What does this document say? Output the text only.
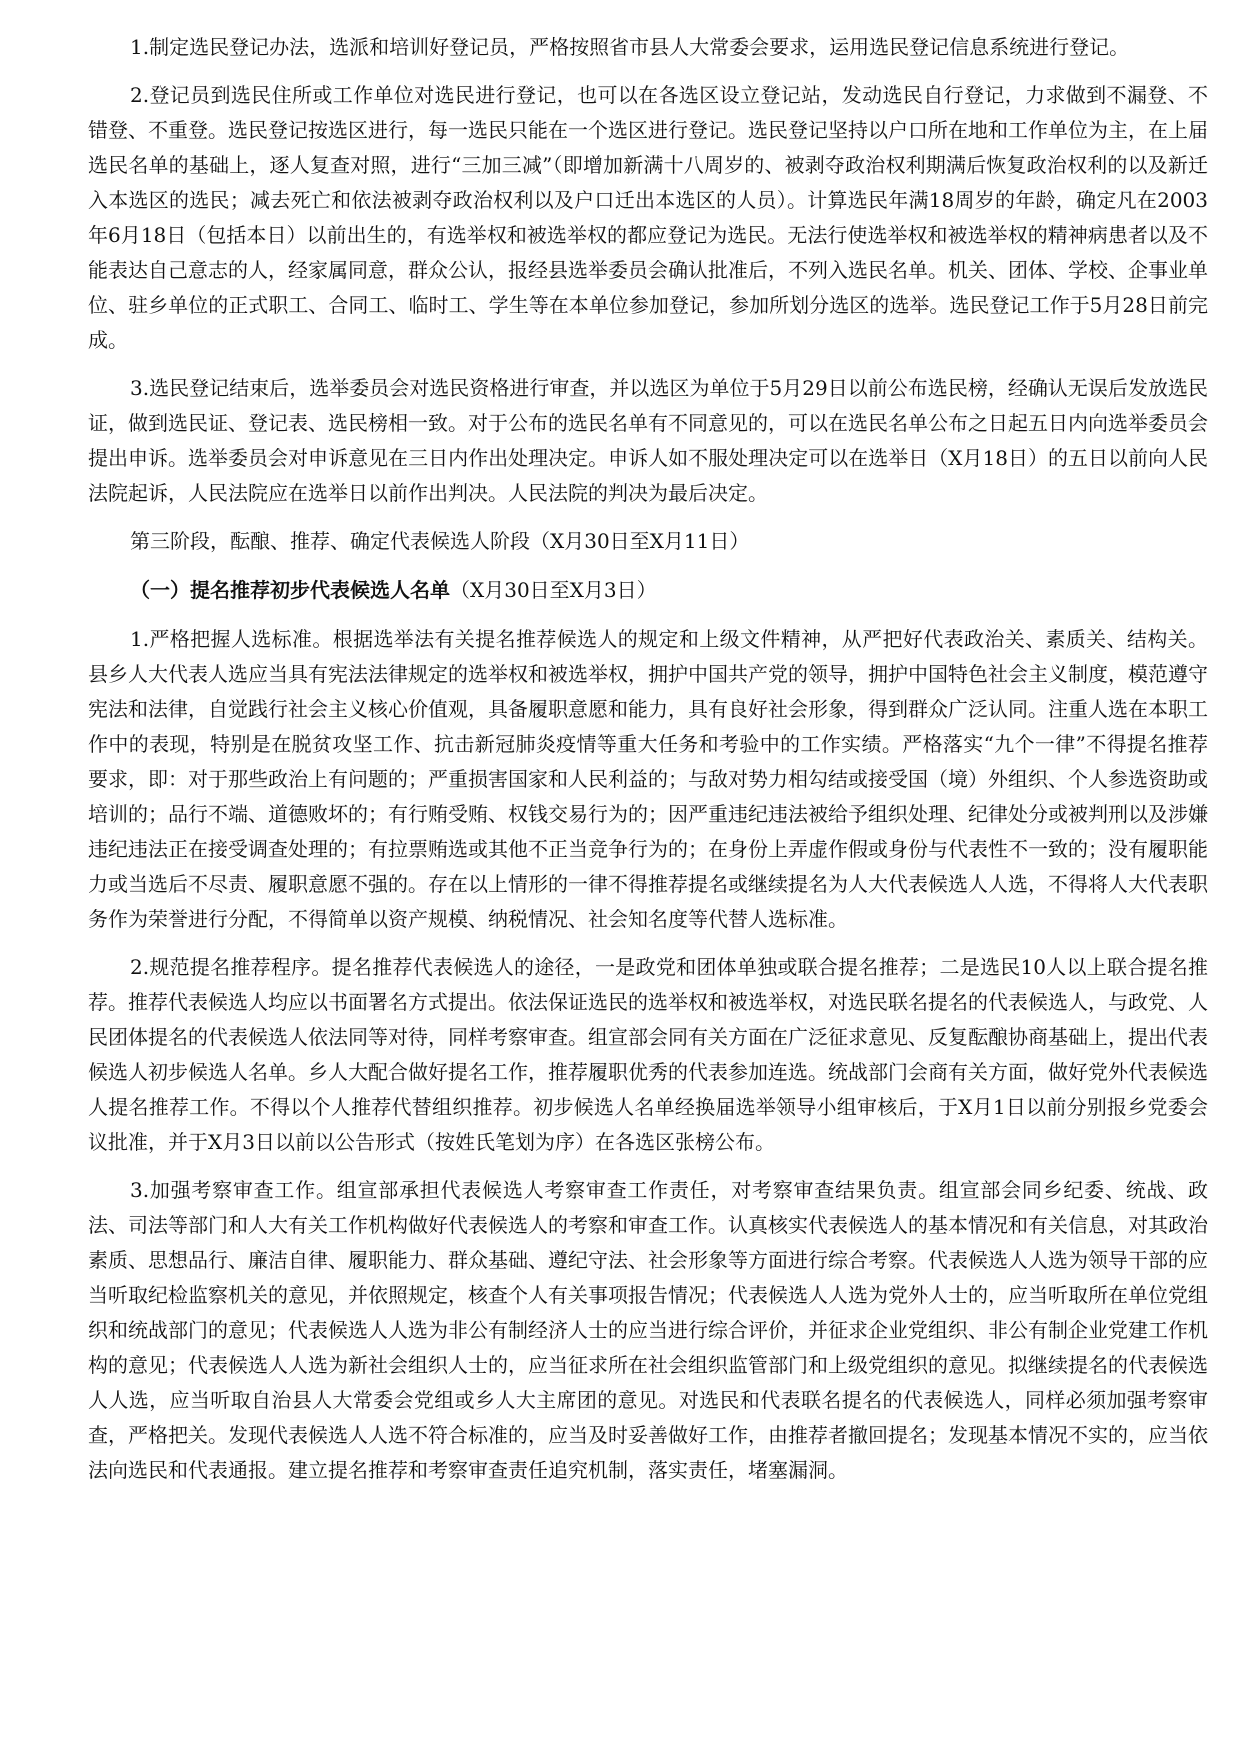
1.制定选民登记办法，选派和培训好登记员，严格按照省市县人大常委会要求，运用选民登记信息系统进行登记。

2.登记员到选民住所或工作单位对选民进行登记，也可以在各选区设立登记站，发动选民自行登记，力求做到不漏登、不错登、不重登。选民登记按选区进行，每一选民只能在一个选区进行登记。选民登记坚持以户口所在地和工作单位为主，在上届选民名单的基础上，逐人复查对照，进行“三加三减”（即增加新满十八周岁的、被剥夺政治权利期满后恢复政治权利的以及新迁入本选区的选民；减去死亡和依法被剥夺政治权利以及户口迁出本选区的人员）。计算选民年满18周岁的年龄，确定凡在2003年6月18日（包括本日）以前出生的，有选举权和被选举权的都应登记为选民。无法行使选举权和被选举权的精神病患者以及不能表达自己意志的人，经家属同意，群众公认，报经县选举委员会确认批准后，不列入选民名单。机关、团体、学校、企事业单位、驻乡单位的正式职工、合同工、临时工、学生等在本单位参加登记，参加所划分选区的选举。选民登记工作于5月28日前完成。

3.选民登记结束后，选举委员会对选民资格进行审查，并以选区为单位于5月29日以前公布选民榜，经确认无误后发放选民证，做到选民证、登记表、选民榜相一致。对于公布的选民名单有不同意见的，可以在选民名单公布之日起五日内向选举委员会提出申诉。选举委员会对申诉意见在三日内作出处理决定。申诉人如不服处理决定可以在选举日（X月18日）的五日以前向人民法院起诉，人民法院应在选举日以前作出判决。人民法院的判决为最后决定。

第三阶段，酝酿、推荐、确定代表候选人阶段（X月30日至X月11日）

（一）提名推荐初步代表候选人名单（X月30日至X月3日）

1.严格把握人选标准。根据选举法有关提名推荐候选人的规定和上级文件精神，从严把好代表政治关、素质关、结构关。县乡人大代表人选应当具有宪法法律规定的选举权和被选举权，拥护中国共产党的领导，拥护中国特色社会主义制度，模范遵守宪法和法律，自觉践行社会主义核心价值观，具备履职意愿和能力，具有良好社会形象，得到群众广泛认同。注重人选在本职工作中的表现，特别是在脱贫攻坚工作、抗击新冠肺炎疫情等重大任务和考验中的工作实绩。严格落实“九个一律”不得提名推荐要求，即：对于那些政治上有问题的；严重损害国家和人民利益的；与敌对势力相勾结或接受国（境）外组织、个人参选资助或培训的；品行不端、道德败坏的；有行贿受贿、权钱交易行为的；因严重违纪违法被给予组织处理、纪律处分或被判刑以及涉嫌违纪违法正在接受调查处理的；有拉票贿选或其他不正当竞争行为的；在身份上弄虚作假或身份与代表性不一致的；没有履职能力或当选后不尽责、履职意愿不强的。存在以上情形的一律不得推荐提名或继续提名为人大代表候选人人选，不得将人大代表职务作为荣誉进行分配，不得简单以资产规模、纳税情况、社会知名度等代替人选标准。

2.规范提名推荐程序。提名推荐代表候选人的途径，一是政党和团体单独或联合提名推荐；二是选民10人以上联合提名推荐。推荐代表候选人均应以书面署名方式提出。依法保证选民的选举权和被选举权，对选民联名提名的代表候选人，与政党、人民团体提名的代表候选人依法同等对待，同样考察审查。组宣部会同有关方面在广泛征求意见、反复酝酿协商基础上，提出代表候选人初步候选人名单。乡人大配合做好提名工作，推荐履职优秀的代表参加连选。统战部门会商有关方面，做好党外代表候选人提名推荐工作。不得以个人推荐代替组织推荐。初步候选人名单经换届选举领导小组审核后，于X月1日以前分别报乡党委会议批准，并于X月3日以前以公告形式（按姓氏笔划为序）在各选区张榜公布。

3.加强考察审查工作。组宣部承担代表候选人考察审查工作责任，对考察审查结果负责。组宣部会同乡纪委、统战、政法、司法等部门和人大有关工作机构做好代表候选人的考察和审查工作。认真核实代表候选人的基本情况和有关信息，对其政治素质、思想品行、廉洁自律、履职能力、群众基础、遵纪守法、社会形象等方面进行综合考察。代表候选人人选为领导干部的应当听取纪检监察机关的意见，并依照规定，核查个人有关事项报告情况；代表候选人人选为党外人士的，应当听取所在单位党组织和统战部门的意见；代表候选人人选为非公有制经济人士的应当进行综合评价，并征求企业党组织、非公有制企业党建工作机构的意见；代表候选人人选为新社会组织人士的，应当征求所在社会组织监管部门和上级党组织的意见。拟继续提名的代表候选人人选，应当听取自治县人大常委会党组或乡人大主席团的意见。对选民和代表联名提名的代表候选人，同样必须加强考察审查，严格把关。发现代表候选人人选不符合标准的，应当及时妥善做好工作，由推荐者撤回提名；发现基本情况不实的，应当依法向选民和代表通报。建立提名推荐和考察审查责任追究机制，落实责任，堵塞漏洞。
